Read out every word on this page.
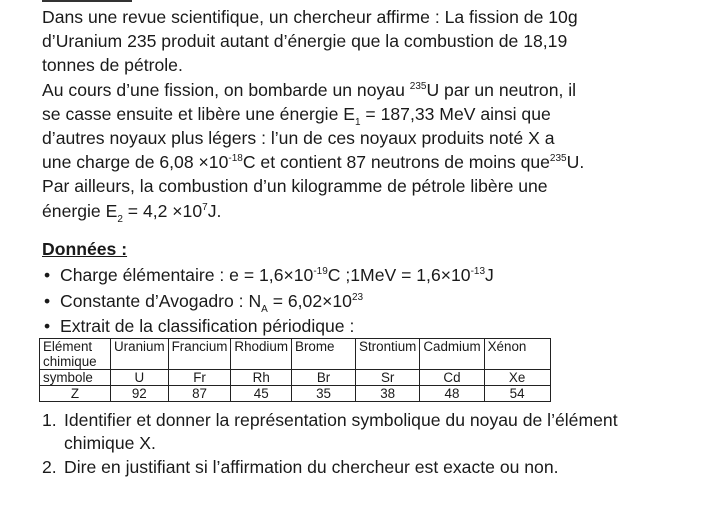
Dans une revue scientifique, un chercheur affirme : La fission de 10g

d’Uranium 235 produit autant d’énergie que la combustion de 18,19

tonnes de pétrole.

Au cours d’une fission, on bombarde un noyau $^{235}$U par un neutron, il

se casse ensuite et libère une énergie $E_1 = 187,33$ MeV ainsi que

d’autres noyaux plus légers : l’un de ces noyaux produits noté X a

une charge de $6,08 \times 10^{-18}C$ et contient 87 neutrons de moins que$^{235}$U.

Par ailleurs, la combustion d’un kilogramme de pétrole libère une

énergie $E_2 = 4,2 \times 10^7J$.

Données :
• Charge élémentaire : $e = 1,6\times 10^{-19}C$ ;1MeV = $1,6\times 10^{-13}J$
• Constante d’Avogadro : $N_A = 6,02\times 10^{23}$
• Extrait de la classification périodique :
Elément chimique	Uranium	Francium	Rhodium	Brome	Strontium	Cadmium	Xénon
symbole	U	Fr	Rh	Br	Sr	Cd	Xe
Z	92	87	45	35	38	48	54
1. Identifier et donner la représentation symbolique du noyau de l’élément chimique X.
2. Dire en justifiant si l’affirmation du chercheur est exacte ou non.
